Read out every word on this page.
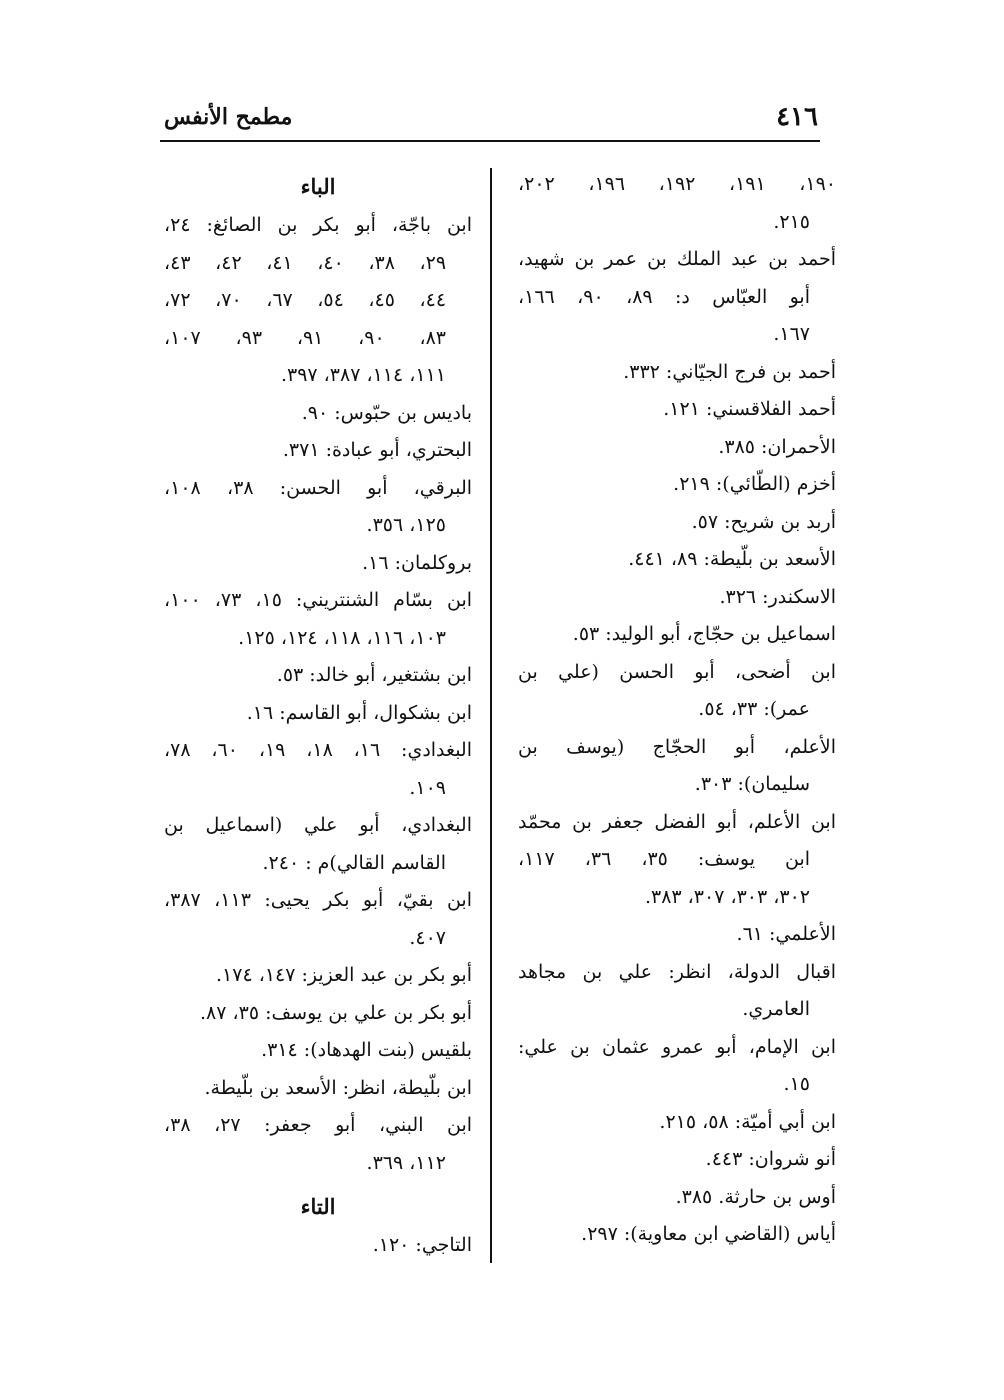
٤١٦
مطمح الأنفس
١٩٠، ١٩١، ١٩٢، ١٩٦، ٢٠٢،
٢١٥.
أحمد بن عبد الملك بن عمر بن شهيد،
أبو العبّاس د: ٨٩، ٩٠، ١٦٦،
١٦٧.
أحمد بن فرج الجيّاني: ٣٣٢.
أحمد الفلاقسني: ١٢١.
الأحمران: ٣٨٥.
أخزم (الطّائي): ٢١٩.
أربد بن شريح: ٥٧.
الأسعد بن بلّيطة: ٨٩، ٤٤١.
الاسكندر: ٣٢٦.
اسماعيل بن حجّاج، أبو الوليد: ٥٣.
ابن أضحى، أبو الحسن (علي بن
عمر): ٣٣، ٥٤.
الأعلم، أبو الحجّاج (يوسف بن
سليمان): ٣٠٣.
ابن الأعلم، أبو الفضل جعفر بن محمّد
ابن يوسف: ٣٥، ٣٦، ١١٧،
٣٠٢، ٣٠٣، ٣٠٧، ٣٨٣.
الأعلمي: ٦١.
اقبال الدولة، انظر: علي بن مجاهد
العامري.
ابن الإمام، أبو عمرو عثمان بن علي:
١٥.
ابن أبي أميّة: ٥٨، ٢١٥.
أنو شروان: ٤٤٣.
أوس بن حارثة. ٣٨٥.
أياس (القاضي ابن معاوية): ٢٩٧.
الباء
ابن باجّة، أبو بكر بن الصائغ: ٢٤،
٢٩، ٣٨، ٤٠، ٤١، ٤٢، ٤٣،
٤٤، ٤٥، ٥٤، ٦٧، ٧٠، ٧٢،
٨٣، ٩٠، ٩١، ٩٣، ١٠٧،
١١١، ١١٤، ٣٨٧، ٣٩٧.
باديس بن حبّوس: ٩٠.
البحتري، أبو عبادة: ٣٧١.
البرقي، أبو الحسن: ٣٨، ١٠٨،
١٢٥، ٣٥٦.
بروكلمان: ١٦.
ابن بسّام الشنتريني: ١٥، ٧٣، ١٠٠،
١٠٣، ١١٦، ١١٨، ١٢٤، ١٢٥.
ابن بشتغير، أبو خالد: ٥٣.
ابن بشكوال، أبو القاسم: ١٦.
البغدادي: ١٦، ١٨، ١٩، ٦٠، ٧٨،
١٠٩.
البغدادي، أبو علي (اسماعيل بن
القاسم القالي)م : ٢٤٠.
ابن بقيّ، أبو بكر يحيى: ١١٣، ٣٨٧،
٤٠٧.
أبو بكر بن عبد العزيز: ١٤٧، ١٧٤.
أبو بكر بن علي بن يوسف: ٣٥، ٨٧.
بلقيس (بنت الهدهاد): ٣١٤.
ابن بلّيطة، انظر: الأسعد بن بلّيطة.
ابن البني، أبو جعفر: ٢٧، ٣٨،
١١٢، ٣٦٩.
التاء
التاجي: ١٢٠.
